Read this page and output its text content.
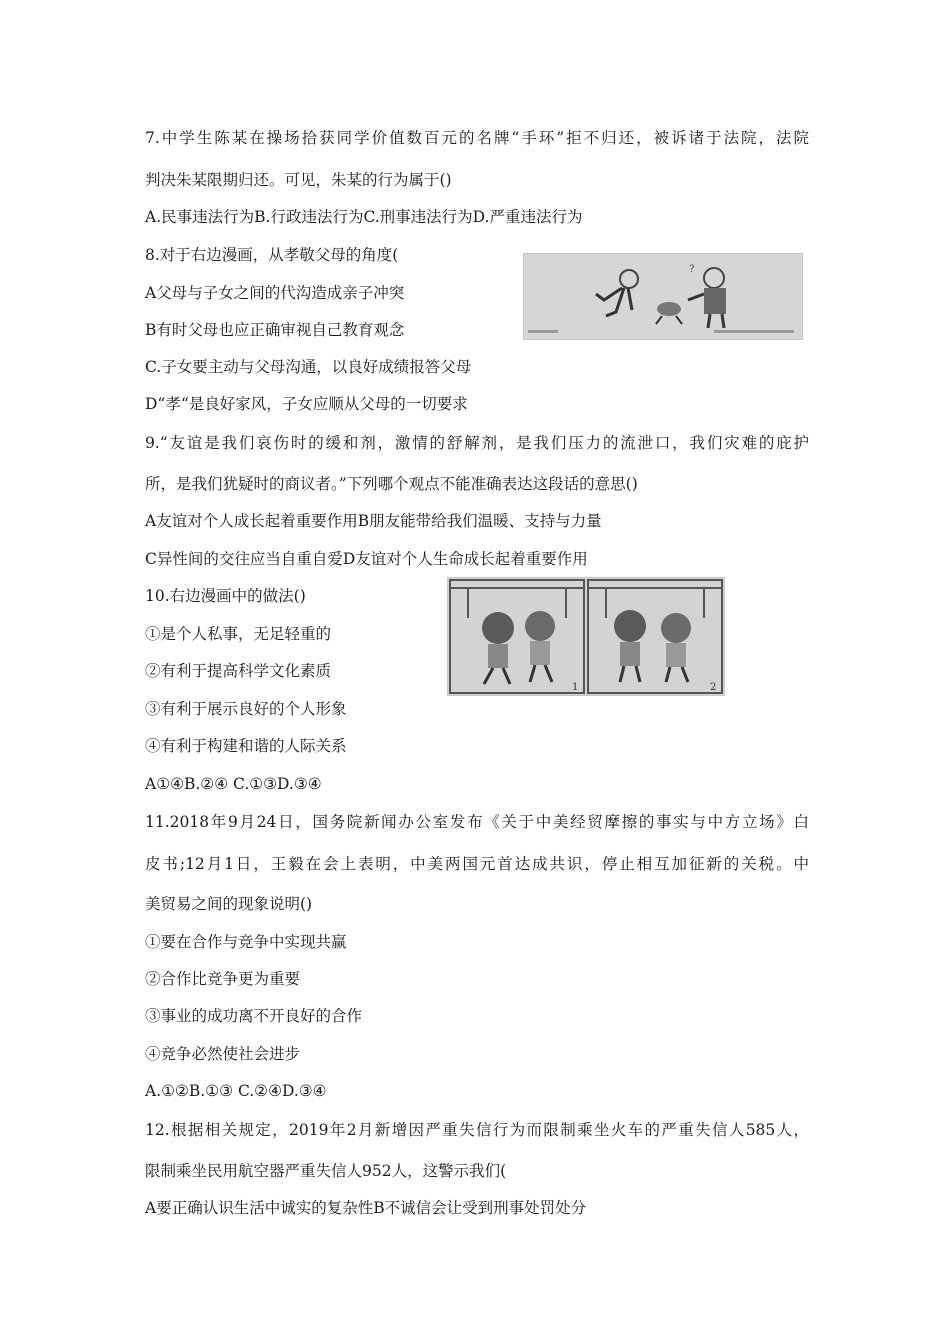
7.中学生陈某在操场拾获同学价值数百元的名牌“手环”拒不归还，被诉诸于法院，法院
判决朱某限期归还。可见，朱某的行为属于()
A.民事违法行为B.行政违法行为C.刑事违法行为D.严重违法行为
8.对于右边漫画，从孝敬父母的角度(
A父母与子女之间的代沟造成亲子冲突
B有时父母也应正确审视自己教育观念
C.子女要主动与父母沟通，以良好成绩报答父母
D“孝“是良好家风，子女应顺从父母的一切要求
?
9.“友谊是我们哀伤时的缓和剂，激情的舒解剂，是我们压力的流泄口，我们灾难的庇护
所，是我们犹疑时的商议者。”下列哪个观点不能准确表达这段话的意思()
A友谊对个人成长起着重要作用B朋友能带给我们温暖、支持与力量
C异性间的交往应当自重自爱D友谊对个人生命成长起着重要作用
10.右边漫画中的做法()
①是个人私事，无足轻重的
②有利于提高科学文化素质
③有利于展示良好的个人形象
④有利于构建和谐的人际关系
A①④B.②④ C.①③D.③④
1	2
11.2018年9月24日，国务院新闻办公室发布《关于中美经贸摩擦的事实与中方立场》白
皮书;12月1日，王毅在会上表明，中美两国元首达成共识，停止相互加征新的关税。中
美贸易之间的现象说明()
①要在合作与竞争中实现共赢
②合作比竞争更为重要
③事业的成功离不开良好的合作
④竞争必然使社会进步
A.①②B.①③ C.②④D.③④
12.根据相关规定，2019年2月新增因严重失信行为而限制乘坐火车的严重失信人585人，
限制乘坐民用航空器严重失信人952人，这警示我们(
A要正确认识生活中诚实的复杂性B不诚信会让受到刑事处罚处分
